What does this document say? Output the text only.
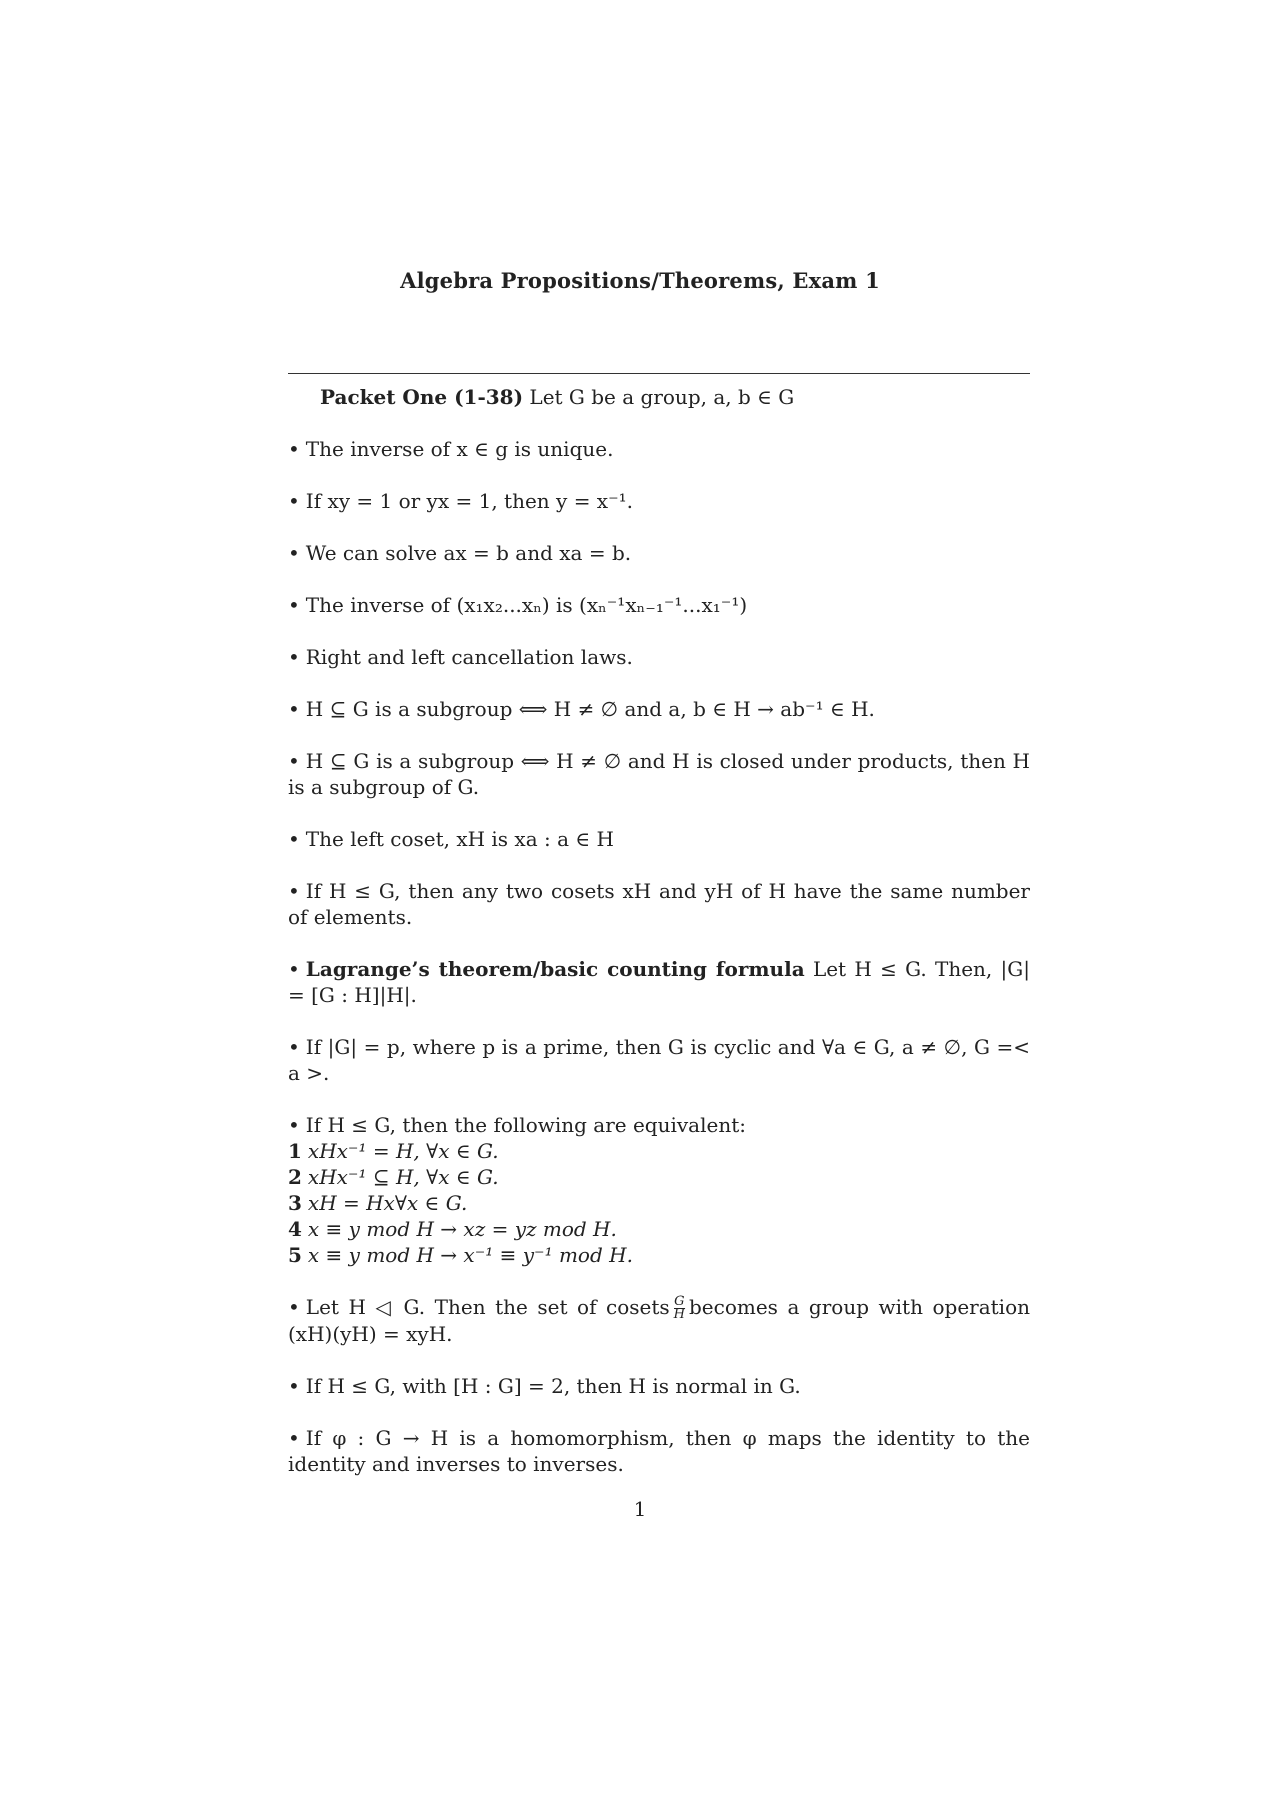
Algebra Propositions/Theorems, Exam 1

Packet One (1-38) Let G be a group, a, b ∈ G

• The inverse of x ∈ g is unique.

• If xy = 1 or yx = 1, then y = x⁻¹.

• We can solve ax = b and xa = b.

• The inverse of (x₁x₂...xₙ) is (xₙ⁻¹xₙ₋₁⁻¹...x₁⁻¹)

• Right and left cancellation laws.

• H ⊆ G is a subgroup ⟺ H ≠ ∅ and a, b ∈ H → ab⁻¹ ∈ H.

• H ⊆ G is a subgroup ⟺ H ≠ ∅ and H is closed under products, then H is a subgroup of G.

• The left coset, xH is xa : a ∈ H

• If H ≤ G, then any two cosets xH and yH of H have the same number of elements.

• Lagrange’s theorem/basic counting formula Let H ≤ G. Then, |G| = [G : H]|H|.

• If |G| = p, where p is a prime, then G is cyclic and ∀a ∈ G, a ≠ ∅, G =< a >.

• If H ≤ G, then the following are equivalent:
1 xHx⁻¹ = H, ∀x ∈ G.
2 xHx⁻¹ ⊆ H, ∀x ∈ G.
3 xH = Hx∀x ∈ G.
4 x ≡ y mod H → xz = yz mod H.
5 x ≡ y mod H → x⁻¹ ≡ y⁻¹ mod H.

• Let H ◁ G. Then the set of cosets $\frac{G}{H}$ becomes a group with operation (xH)(yH) = xyH.

• If H ≤ G, with [H : G] = 2, then H is normal in G.

• If φ : G → H is a homomorphism, then φ maps the identity to the identity and inverses to inverses.

1
